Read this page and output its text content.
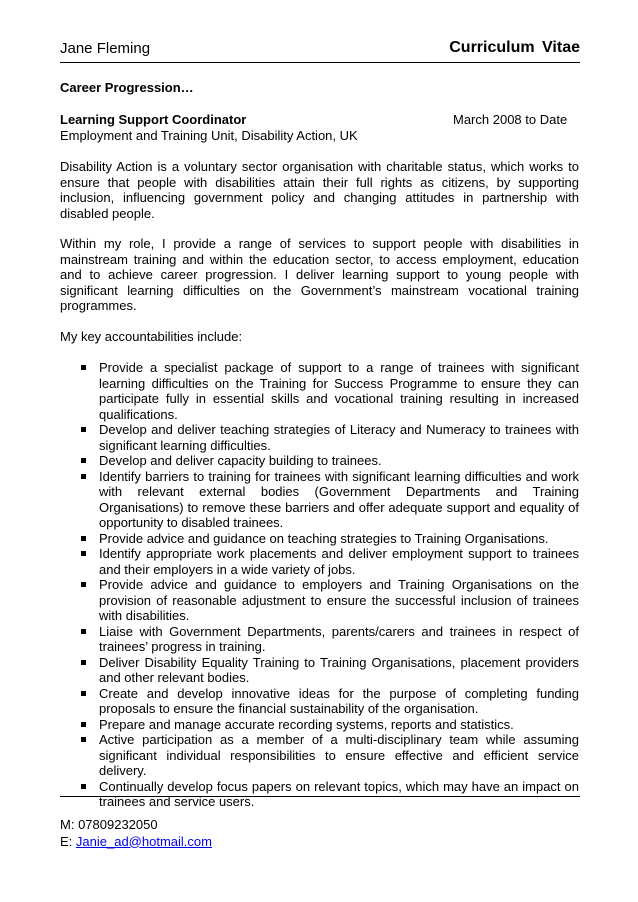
Jane Fleming	Curriculum Vitae
Career Progression…
Learning Support Coordinator	March 2008 to Date
Employment and Training Unit, Disability Action, UK

Disability Action is a voluntary sector organisation with charitable status, which works to ensure that people with disabilities attain their full rights as citizens, by supporting inclusion, influencing government policy and changing attitudes in partnership with disabled people.

Within my role, I provide a range of services to support people with disabilities in mainstream training and within the education sector, to access employment, education and to achieve career progression. I deliver learning support to young people with significant learning difficulties on the Government’s mainstream vocational training programmes.

My key accountabilities include:
Provide a specialist package of support to a range of trainees with significant learning difficulties on the Training for Success Programme to ensure they can participate fully in essential skills and vocational training resulting in increased qualifications.
Develop and deliver teaching strategies of Literacy and Numeracy to trainees with significant learning difficulties.
Develop and deliver capacity building to trainees.
Identify barriers to training for trainees with significant learning difficulties and work with relevant external bodies (Government Departments and Training Organisations) to remove these barriers and offer adequate support and equality of opportunity to disabled trainees.
Provide advice and guidance on teaching strategies to Training Organisations.
Identify appropriate work placements and deliver employment support to trainees and their employers in a wide variety of jobs.
Provide advice and guidance to employers and Training Organisations on the provision of reasonable adjustment to ensure the successful inclusion of trainees with disabilities.
Liaise with Government Departments, parents/carers and trainees in respect of trainees’ progress in training.
Deliver Disability Equality Training to Training Organisations, placement providers and other relevant bodies.
Create and develop innovative ideas for the purpose of completing funding proposals to ensure the financial sustainability of the organisation.
Prepare and manage accurate recording systems, reports and statistics.
Active participation as a member of a multi-disciplinary team while assuming significant individual responsibilities to ensure effective and efficient service delivery.
Continually develop focus papers on relevant topics, which may have an impact on trainees and service users.
M: 07809232050
E: Janie_ad@hotmail.com
